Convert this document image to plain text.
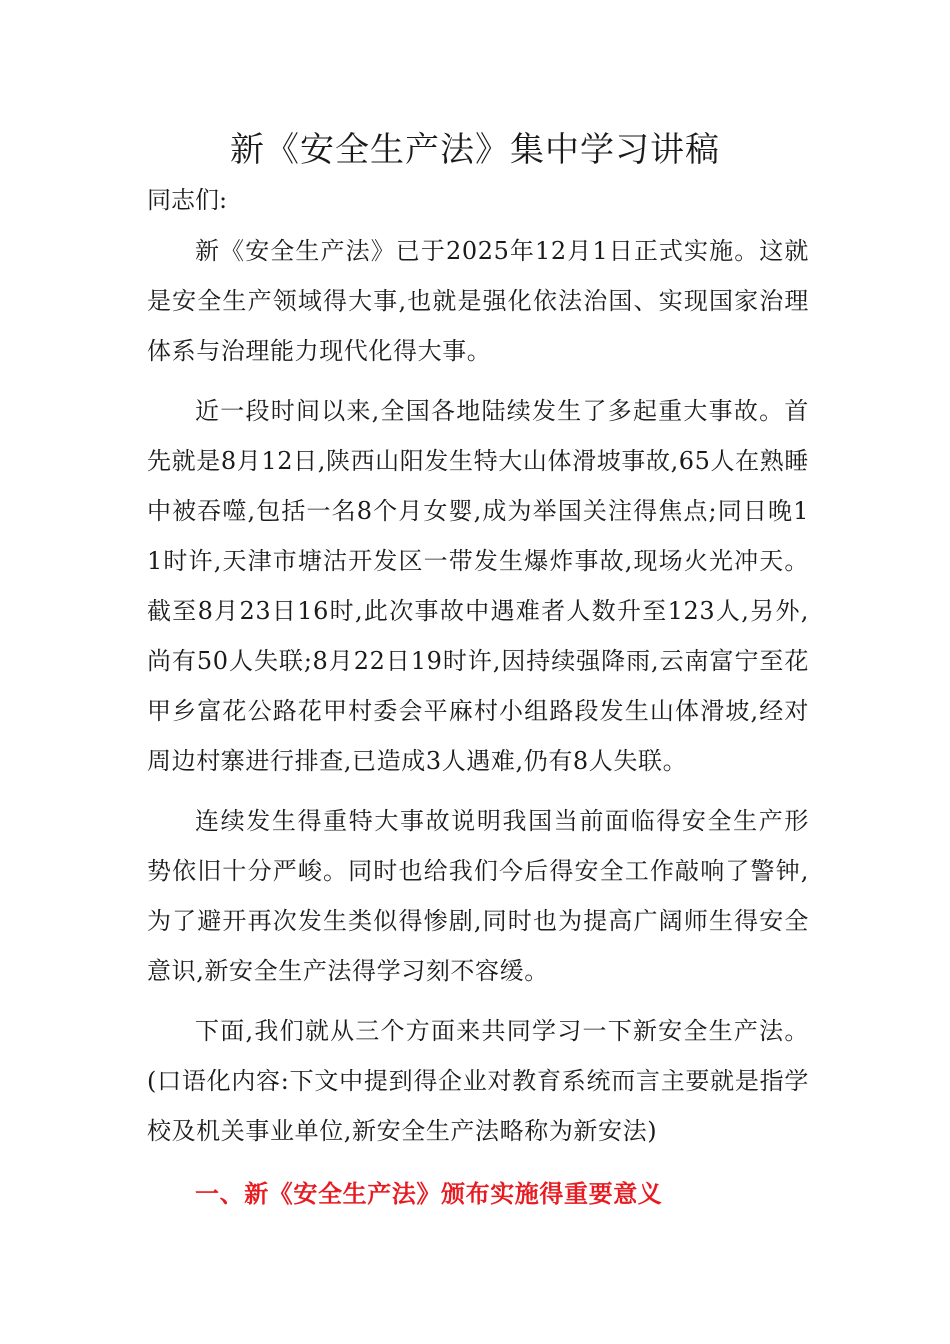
新《安全生产法》集中学习讲稿

同志们:

新《安全生产法》已于2025年12月1日正式实施。这就是安全生产领域得大事,也就是强化依法治国、实现国家治理体系与治理能力现代化得大事。

近一段时间以来,全国各地陆续发生了多起重大事故。首先就是8月12日,陕西山阳发生特大山体滑坡事故,65人在熟睡中被吞噬,包括一名8个月女婴,成为举国关注得焦点;同日晚11时许,天津市塘沽开发区一带发生爆炸事故,现场火光冲天。截至8月23日16时,此次事故中遇难者人数升至123人,另外,尚有50人失联;8月22日19时许,因持续强降雨,云南富宁至花甲乡富花公路花甲村委会平麻村小组路段发生山体滑坡,经对周边村寨进行排查,已造成3人遇难,仍有8人失联。

连续发生得重特大事故说明我国当前面临得安全生产形势依旧十分严峻。同时也给我们今后得安全工作敲响了警钟,为了避开再次发生类似得惨剧,同时也为提高广阔师生得安全意识,新安全生产法得学习刻不容缓。

下面,我们就从三个方面来共同学习一下新安全生产法。(口语化内容:下文中提到得企业对教育系统而言主要就是指学校及机关事业单位,新安全生产法略称为新安法)

一、新《安全生产法》颁布实施得重要意义
